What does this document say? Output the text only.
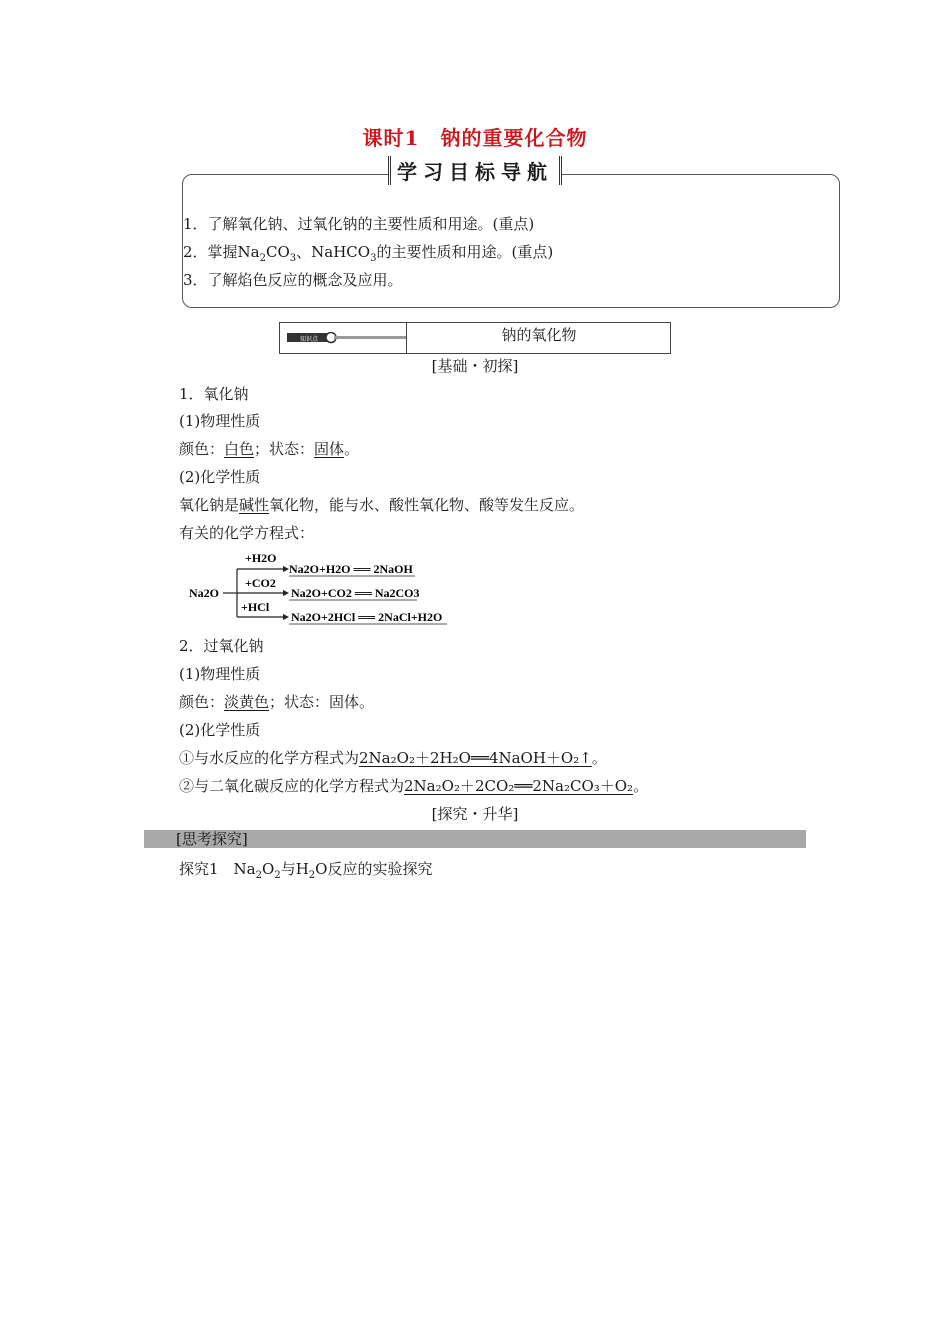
课时1　钠的重要化合物
学习目标导航
1．了解氧化钠、过氧化钠的主要性质和用途。(重点)
2．掌握$Na_2CO_3$、NaHCO$_3$的主要性质和用途。(重点)
3．了解焰色反应的概念及应用。
知识点	钠的氧化物
[基础・初探]
1．氧化钠
(1)物理性质
颜色：白色；状态：固体。
(2)化学性质
氧化钠是碱性氧化物，能与水、酸性氧化物、酸等发生反应。
有关的化学方程式：
Na2O
+H2O
+CO2
+HCl
Na2O+H2O ══ 2NaOH
Na2O+CO2 ══ Na2CO3
Na2O+2HCl ══ 2NaCl+H2O
2．过氧化钠
(1)物理性质
颜色：淡黄色；状态：固体。
(2)化学性质
①与水反应的化学方程式为2Na₂O₂＋2H₂O══4NaOH＋O₂↑。
②与二氧化碳反应的化学方程式为2Na₂O₂＋2CO₂══2Na₂CO₃＋O₂。
[探究・升华]
[思考探究]
探究1　$Na_2O_2$与$H_2O$反应的实验探究
